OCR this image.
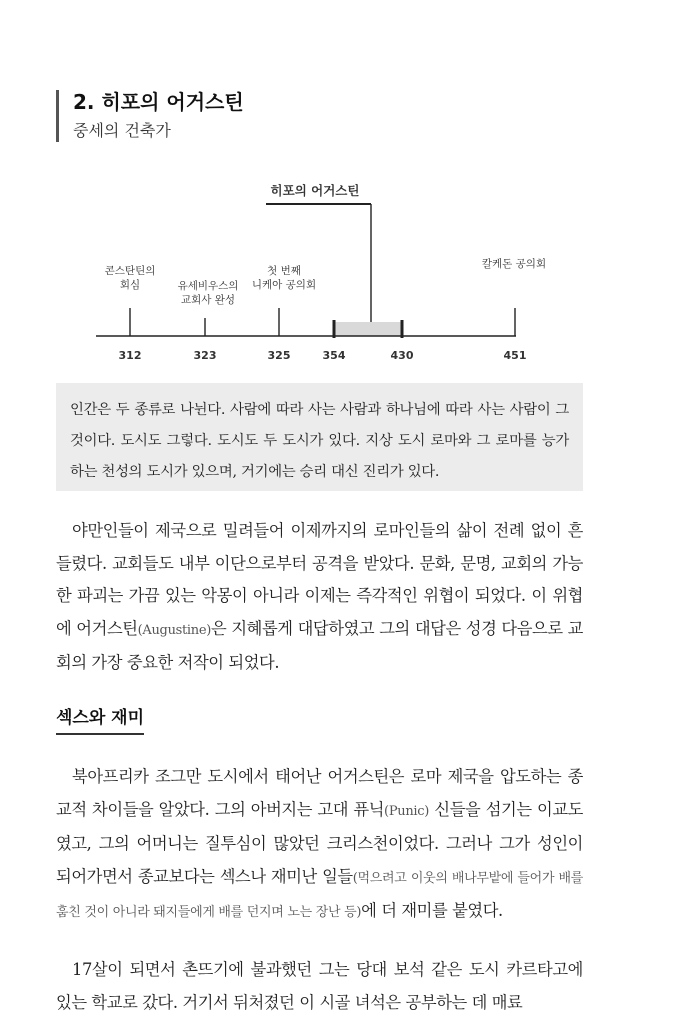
2. 히포의 어거스틴
중세의 건축가
히포의 어거스틴
콘스탄틴의
회심	유세비우스의
교회사 완성
첫 번째
니케아 공의회
칼케돈 공의회
312	323	325	354	430	451

인간은 두 종류로 나뉜다. 사람에 따라 사는 사람과 하나님에 따라 사는 사람이 그것이다. 도시도 그렇다. 도시도 두 도시가 있다. 지상 도시 로마와 그 로마를 능가하는 천성의 도시가 있으며, 거기에는 승리 대신 진리가 있다.

야만인들이 제국으로 밀려들어 이제까지의 로마인들의 삶이 전례 없이 흔들렸다. 교회들도 내부 이단으로부터 공격을 받았다. 문화, 문명, 교회의 가능한 파괴는 가끔 있는 악몽이 아니라 이제는 즉각적인 위협이 되었다. 이 위협에 어거스틴(Augustine)은 지혜롭게 대답하였고 그의 대답은 성경 다음으로 교회의 가장 중요한 저작이 되었다.

섹스와 재미

북아프리카 조그만 도시에서 태어난 어거스틴은 로마 제국을 압도하는 종교적 차이들을 알았다. 그의 아버지는 고대 퓨닉(Punic) 신들을 섬기는 이교도였고, 그의 어머니는 질투심이 많았던 크리스천이었다. 그러나 그가 성인이 되어가면서 종교보다는 섹스나 재미난 일들(먹으려고 이웃의 배나무밭에 들어가 배를 훔친 것이 아니라 돼지들에게 배를 던지며 노는 장난 등)에 더 재미를 붙였다.

17살이 되면서 촌뜨기에 불과했던 그는 당대 보석 같은 도시 카르타고에 있는 학교로 갔다. 거기서 뒤처졌던 이 시골 녀석은 공부하는 데 매료
